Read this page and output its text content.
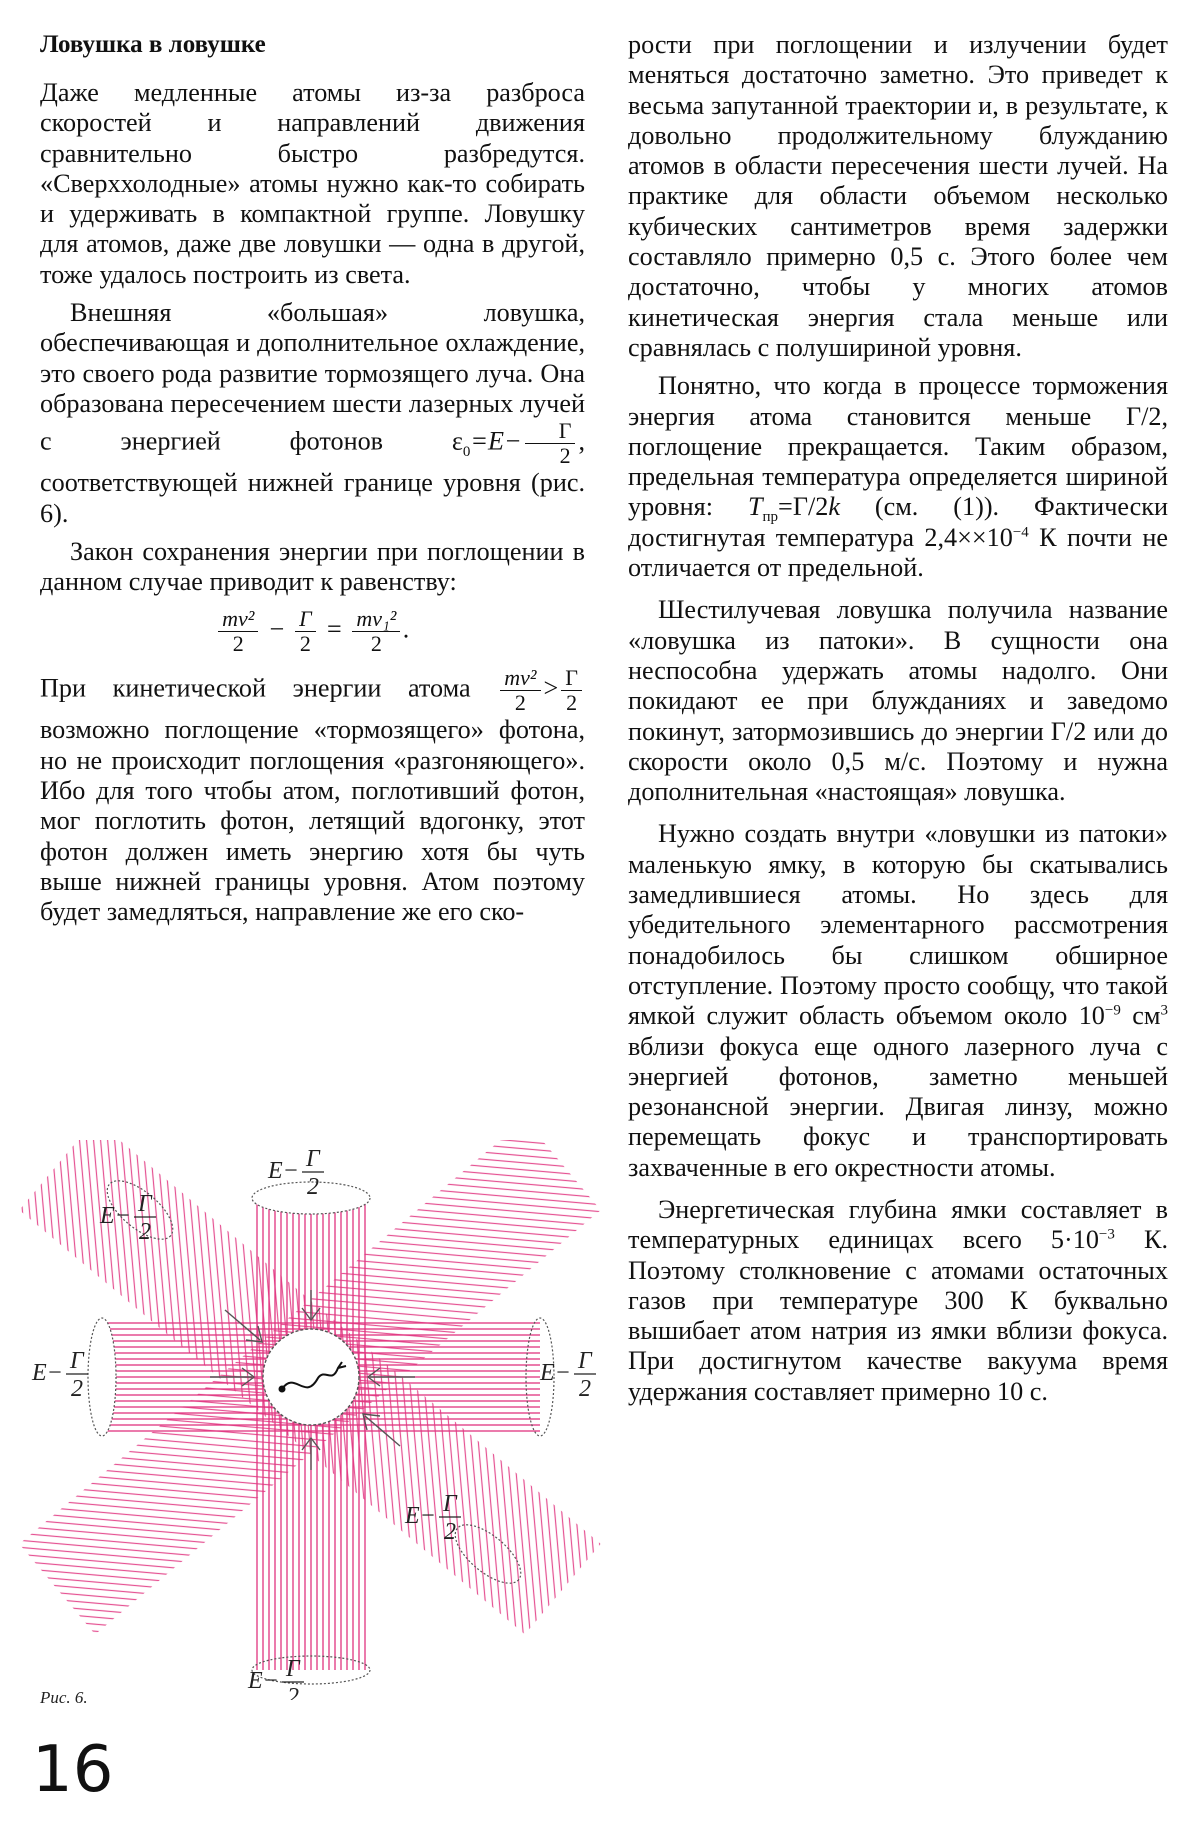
Ловушка в ловушке

Даже медленные атомы из-за разброса скоростей и направлений движения сравнительно быстро разбредутся. «Сверххолодные» атомы нужно как-то собирать и удерживать в компактной группе. Ловушку для атомов, даже две ловушки — одна в другой, тоже удалось построить из света.

Внешняя «большая» ловушка, обеспечивающая и дополнительное охлаждение, это своего рода развитие тормозящего луча. Она образована пересечением шести лазерных лучей с энергией фотонов $\varepsilon_0=E- \frac{\Gamma}{2}$ , соответствующей нижней границе уровня (рис. 6).

Закон сохранения энергии при поглощении в данном случае приводит к равенству:

$\frac{\text{mv²}}{2} - \frac{\Gamma}{2} = \frac{\text{mv₁²}}{2}$ .

При кинетической энергии атома $\frac{\text{mv²}}{2} > \frac{\Gamma}{2}$
возможно поглощение «тормозящего» фотона, но не происходит поглощения «разгоняющего». Ибо для того чтобы атом, поглотивший фотон, мог поглотить фотон, летящий вдогонку, этот фотон должен иметь энергию хотя бы чуть выше нижней границы уровня. Атом поэтому будет замедляться, направление же его ско-

рости при поглощении и излучении будет меняться достаточно заметно. Это приведет к весьма запутанной траектории и, в результате, к довольно продолжительному блужданию атомов в области пересечения шести лучей. На практике для области объемом несколько кубических сантиметров время задержки составляло примерно 0,5 с. Этого более чем достаточно, чтобы у многих атомов кинетическая энергия стала меньше или сравнялась с полушириной уровня.

Понятно, что когда в процессе торможения энергия атома становится меньше Γ/2, поглощение прекращается. Таким образом, предельная температура определяется шириной уровня: $T_{пр}=\Gamma/2k$ (см. (1)). Фактически достигнутая температура $2,4\times\times 10^{-4}$ К почти не отличается от предельной.

Шестилучевая ловушка получила название «ловушка из патоки». В сущности она неспособна удержать атомы надолго. Они покидают ее при блужданиях и заведомо покинут, затормозившись до энергии Γ/2 или до скорости около 0,5 м/с. Поэтому и нужна дополнительная «настоящая» ловушка.

Нужно создать внутри «ловушки из патоки» маленькую ямку, в которую бы скатывались замедлившиеся атомы. Но здесь для убедительного элементарного рассмотрения понадобилось бы слишком обширное отступление. Поэтому просто сообщу, что такой ямкой служит область объемом около $10^{-9}$ $см^3$ вблизи фокуса еще одного лазерного луча с энергией фотонов, заметно меньшей резонансной энергии. Двигая линзу, можно перемещать фокус и транспортировать захваченные в его окрестности атомы.

Энергетическая глубина ямки составляет в температурных единицах всего $5\cdot 10^{-3}$ К. Поэтому столкновение с атомами остаточных газов при температуре 300 К буквально вышибает атом натрия из ямки вблизи фокуса. При достигнутом качестве вакуума время удержания составляет примерно 10 с.

E− Γ
2
E− Γ
2
E− Γ
2
E− Γ
2
E− Γ
2
E− Γ
2
Рис. 6.
16
